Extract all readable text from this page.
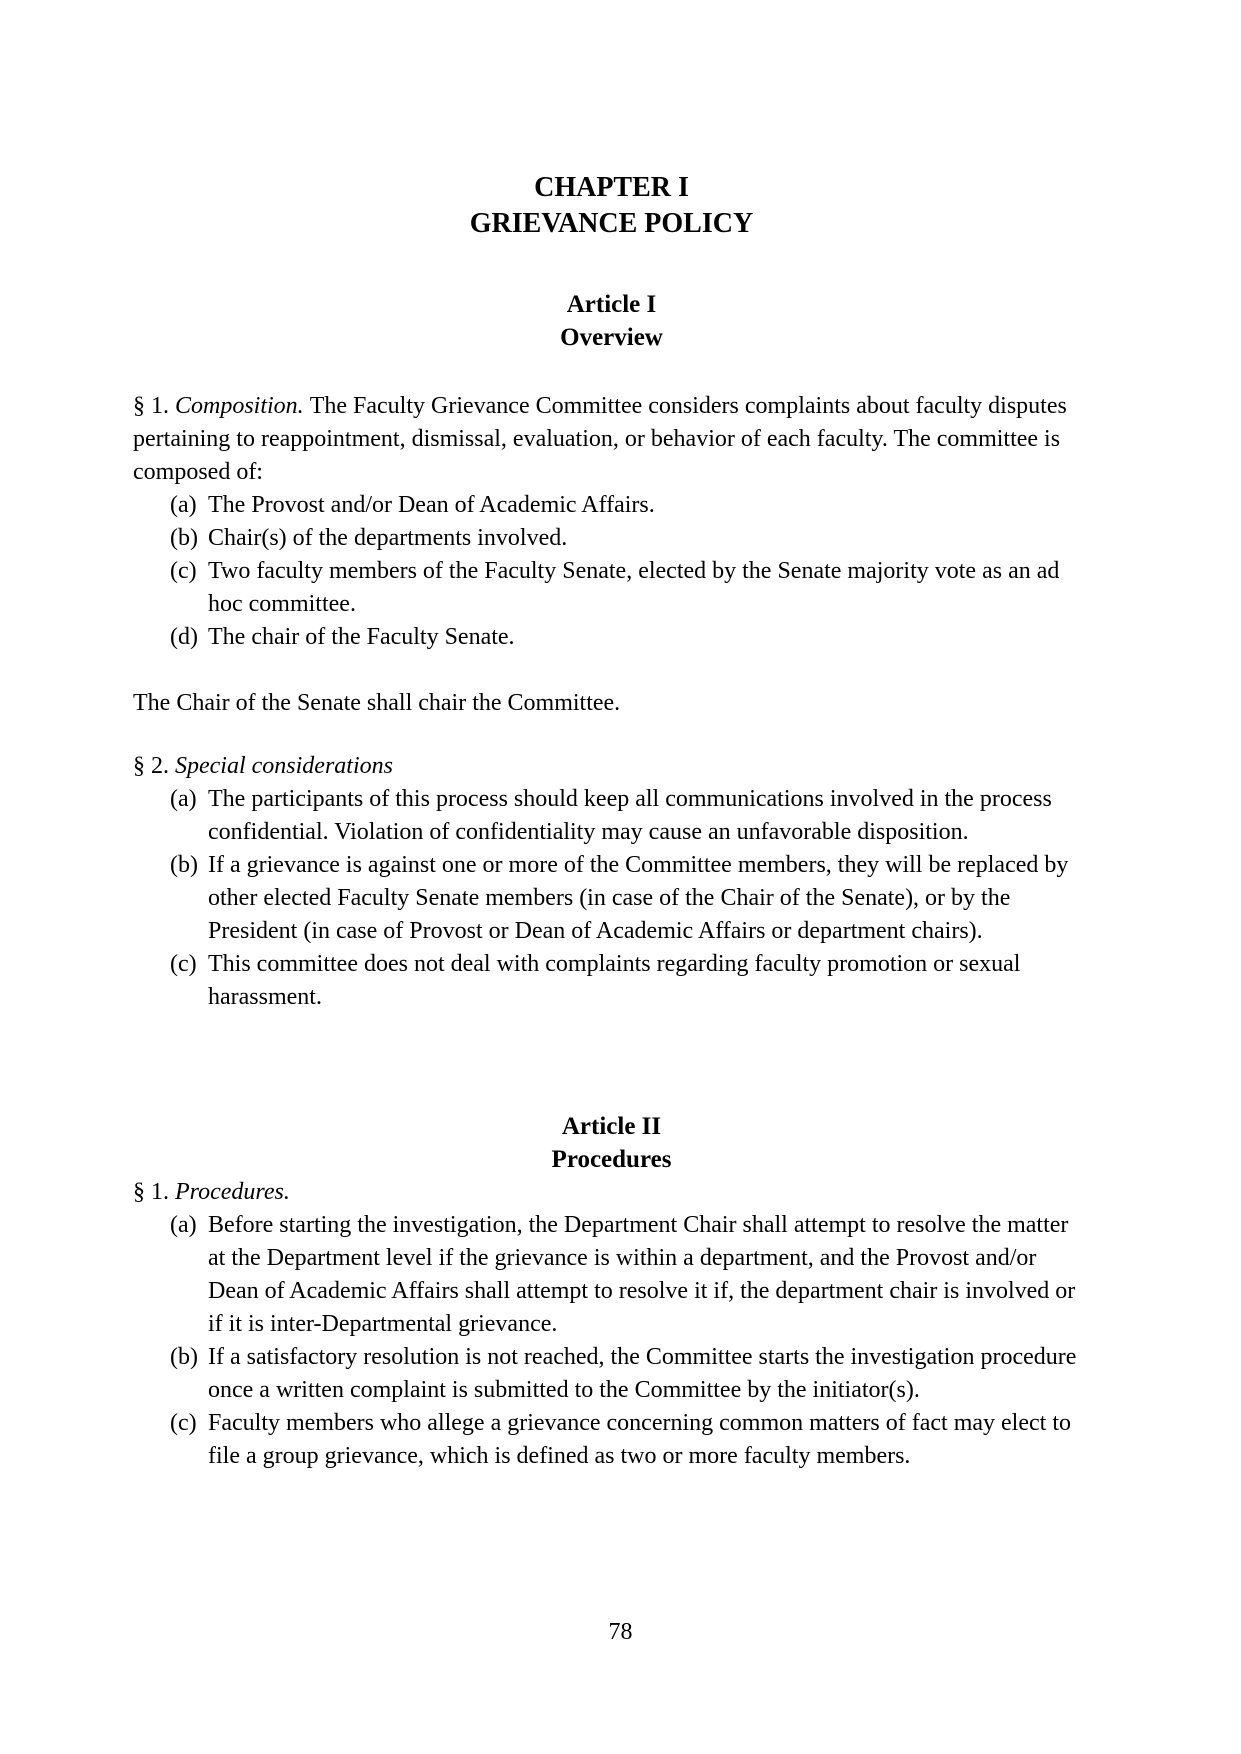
CHAPTER I
GRIEVANCE POLICY
Article I
Overview
§ 1. Composition. The Faculty Grievance Committee considers complaints about faculty disputes pertaining to reappointment, dismissal, evaluation, or behavior of each faculty. The committee is composed of:
(a) The Provost and/or Dean of Academic Affairs.
(b) Chair(s) of the departments involved.
(c) Two faculty members of the Faculty Senate, elected by the Senate majority vote as an ad hoc committee.
(d) The chair of the Faculty Senate.
The Chair of the Senate shall chair the Committee.
§ 2. Special considerations
(a) The participants of this process should keep all communications involved in the process confidential. Violation of confidentiality may cause an unfavorable disposition.
(b) If a grievance is against one or more of the Committee members, they will be replaced by other elected Faculty Senate members (in case of the Chair of the Senate), or by the President (in case of Provost or Dean of Academic Affairs or department chairs).
(c) This committee does not deal with complaints regarding faculty promotion or sexual harassment.
Article II
Procedures
§ 1. Procedures.
(a) Before starting the investigation, the Department Chair shall attempt to resolve the matter at the Department level if the grievance is within a department, and the Provost and/or Dean of Academic Affairs shall attempt to resolve it if, the department chair is involved or if it is inter-Departmental grievance.
(b) If a satisfactory resolution is not reached, the Committee starts the investigation procedure once a written complaint is submitted to the Committee by the initiator(s).
(c) Faculty members who allege a grievance concerning common matters of fact may elect to file a group grievance, which is defined as two or more faculty members.
78
